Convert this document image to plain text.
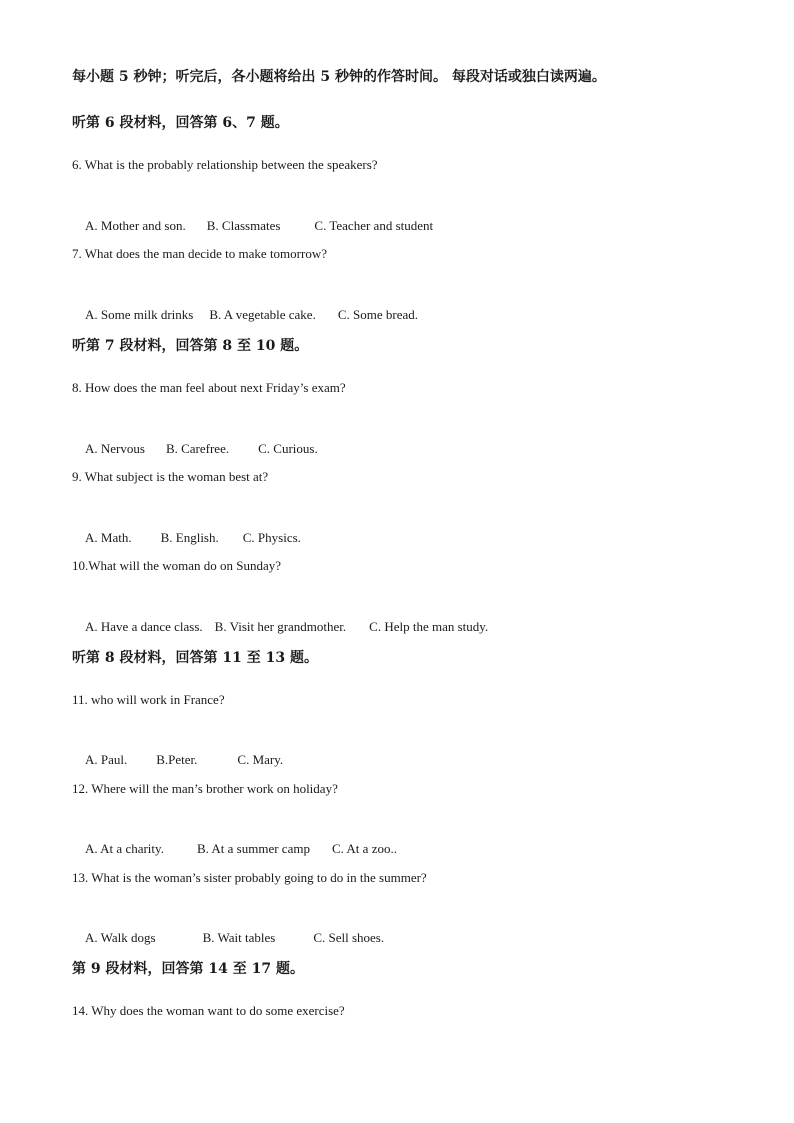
每小题 5 秒钟；听完后，各小题将给出 5 秒钟的作答时间。 每段对话或独白读两遍。

听第 6 段材料，回答第 6、7 题。

6. What is the probably relationship between the speakers?

A. Mother and son. B. Classmates	C. Teacher and student

7. What does the man decide to make tomorrow?

A. Some milk drinks B. A vegetable cake. C. Some bread.

听第 7 段材料，回答第 8 至 10 题。

8. How does the man feel about next Friday’s exam?

A. Nervous B. Carefree. C. Curious.

9. What subject is the woman best at?

A. Math. B. English. C. Physics.

10.What will the woman do on Sunday?

A. Have a dance class. B. Visit her grandmother. C. Help the man study.

听第 8 段材料，回答第 11 至 13 题。

11. who will work in France?

A. Paul. B.Peter.	C. Mary.

12. Where will the man’s brother work on holiday?

A. At a charity.	B. At a summer camp C. At a zoo..

13. What is the woman’s sister probably going to do in the summer?

A. Walk dogs	B. Wait tables	C. Sell shoes.

第 9 段材料，回答第 14 至 17 题。

14. Why does the woman want to do some exercise?
